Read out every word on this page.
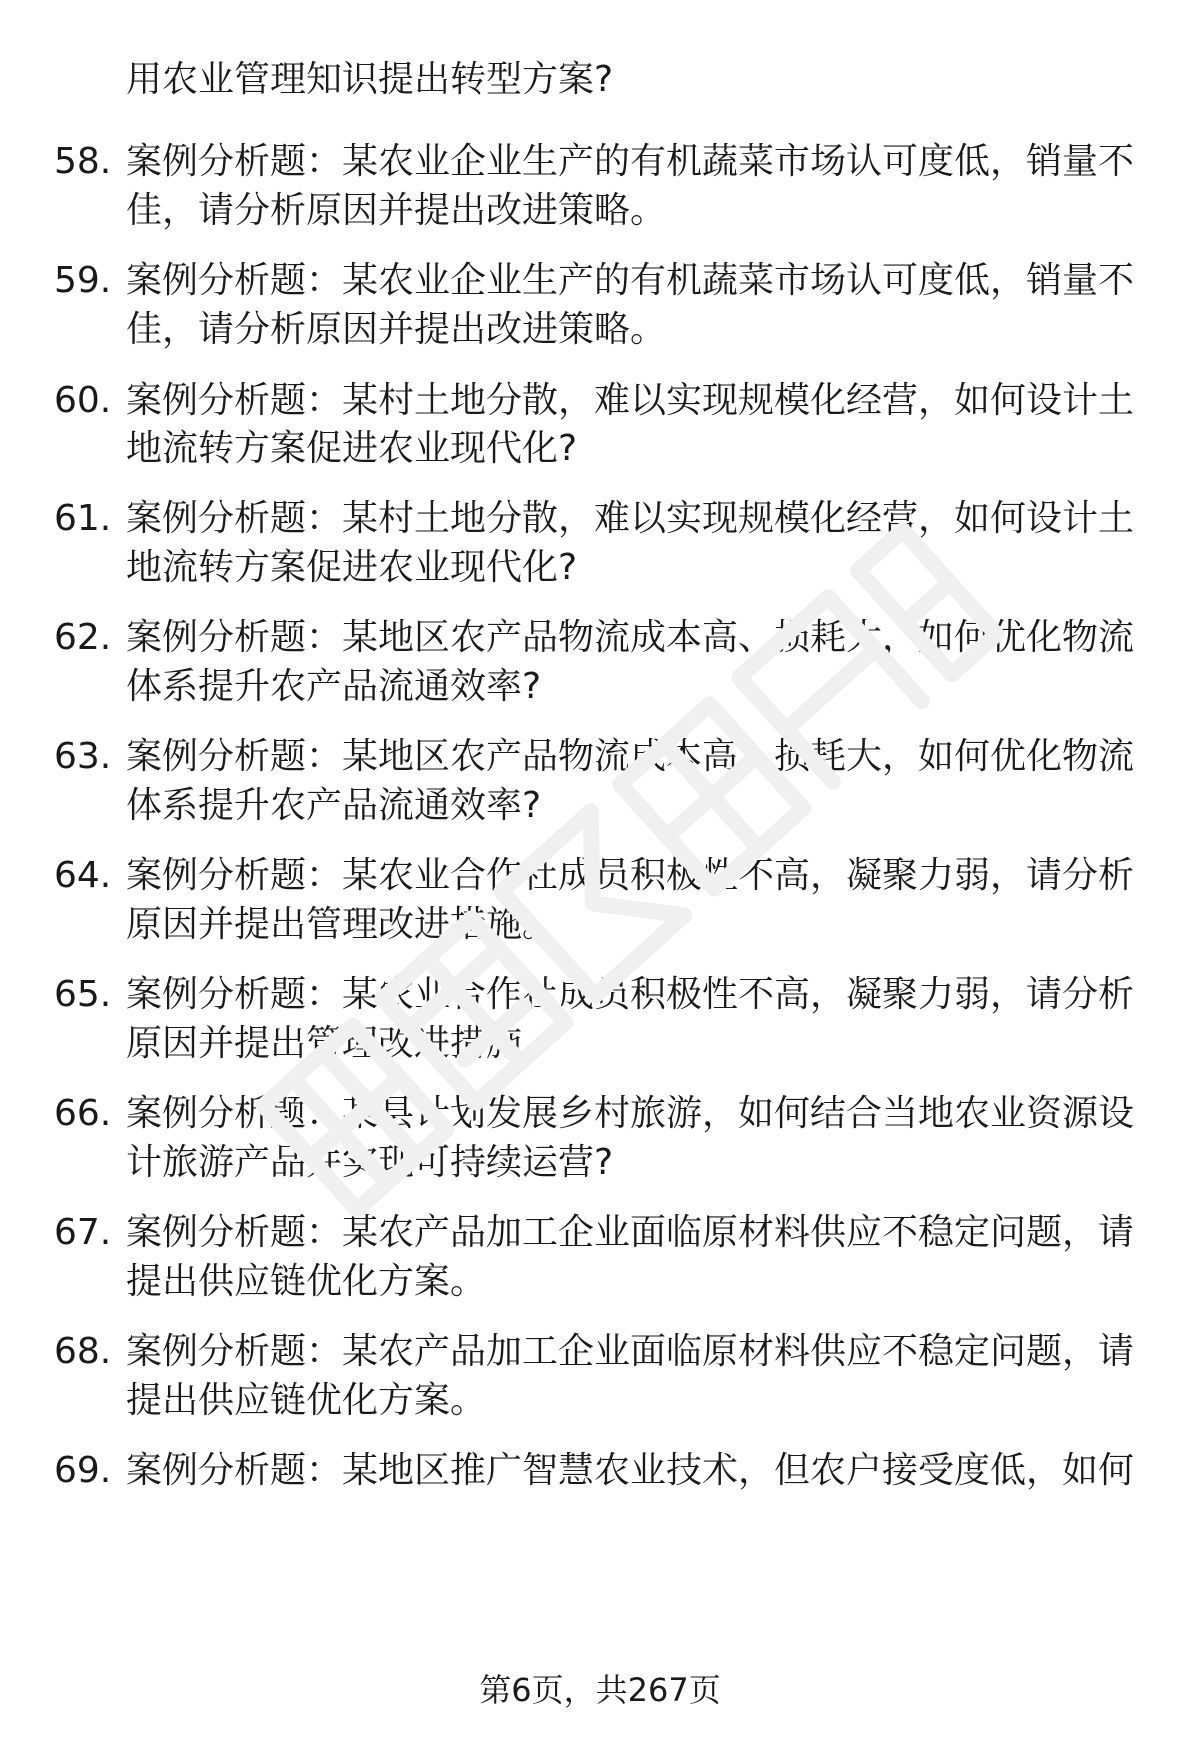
用农业管理知识提出转型方案?
58. 案例分析题：某农业企业生产的有机蔬菜市场认可度低，销量不
佳，请分析原因并提出改进策略。
59. 案例分析题：某农业企业生产的有机蔬菜市场认可度低，销量不
佳，请分析原因并提出改进策略。
60. 案例分析题：某村土地分散，难以实现规模化经营，如何设计土
地流转方案促进农业现代化?
61. 案例分析题：某村土地分散，难以实现规模化经营，如何设计土
地流转方案促进农业现代化?
62. 案例分析题：某地区农产品物流成本高、损耗大，如何优化物流
体系提升农产品流通效率?
63. 案例分析题：某地区农产品物流成本高、损耗大，如何优化物流
体系提升农产品流通效率?
64. 案例分析题：某农业合作社成员积极性不高，凝聚力弱，请分析
原因并提出管理改进措施。
65. 案例分析题：某农业合作社成员积极性不高，凝聚力弱，请分析
原因并提出管理改进措施。
66. 案例分析题：某县计划发展乡村旅游，如何结合当地农业资源设
计旅游产品并实现可持续运营?
67. 案例分析题：某农产品加工企业面临原材料供应不稳定问题，请
提出供应链优化方案。
68. 案例分析题：某农产品加工企业面临原材料供应不稳定问题，请
提出供应链优化方案。
69. 案例分析题：某地区推广智慧农业技术，但农户接受度低，如何
第6页，共267页
